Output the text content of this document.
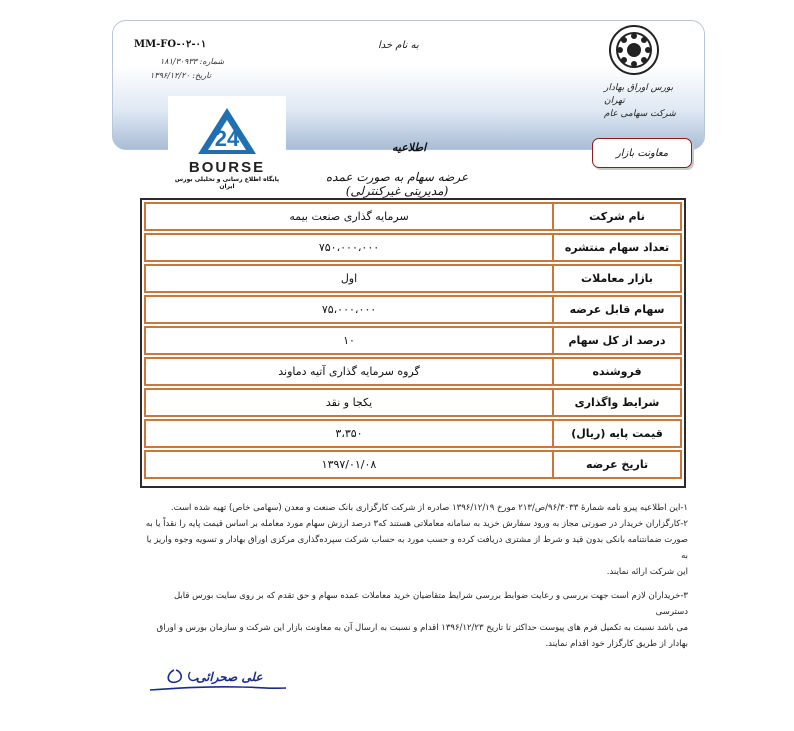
بورس اوراق بهادار تهران
شرکت سهامی عام
MM-FO-۰۲-۰۱
شماره: ۱۸۱/۳۰۹۳۳
تاریخ: ۱۳۹۶/۱۲/۲۰
به نام خدا
24
BOURSE
پایگاه اطلاع رسانی و تحلیلی بورس ایران
معاونت بازار
اطلاعیه
عرضه سهام به صورت عمده (مدیریتی غیرکنترلی)
سرمایه گذاری صنعت بیمه	نام شرکت
۷۵۰،۰۰۰،۰۰۰	تعداد سهام منتشره
اول	بازار معاملات
۷۵،۰۰۰،۰۰۰	سهام قابل عرضه
۱۰	درصد از کل سهام
گروه سرمایه گذاری آتیه دماوند	فروشنده
یکجا و نقد	شرایط واگذاری
۳،۳۵۰	قیمت پایه (ریال)
۱۳۹۷/۰۱/۰۸	تاریخ عرضه

۱-این اطلاعیه پیرو نامه شمارهٔ ۹۶/۳۰۳۳/ص/۲۱۳ مورخ ۱۳۹۶/۱۲/۱۹ صادره از شرکت کارگزاری بانک صنعت و معدن (سهامی خاص) تهیه شده است.

۲-کارگزاران خریدار در صورتی مجاز به ورود سفارش خرید به سامانه معاملاتی هستند که۳ درصد ارزش سهام مورد معامله بر اساس قیمت پایه را نقداً یا به

صورت ضمانتنامه بانکی بدون قید و شرط از مشتری دریافت کرده و حسب مورد به حساب شرکت سپرده‌گذاری مرکزی اوراق بهادار و تسویه وجوه واریز یا به

این شرکت ارائه نمایند.

۳-خریداران لازم است جهت بررسی و رعایت ضوابط بررسی شرایط متقاضیان خرید معاملات عمده سهام و حق تقدم که بر روی سایت بورس قابل دسترسی

می باشد نسبت به تکمیل فرم های پیوست حداکثر تا تاریخ ۱۳۹۶/۱۲/۲۳ اقدام و نسبت به ارسال آن به معاونت بازار این شرکت و سازمان بورس و اوراق

بهادار از طریق کارگزار خود اقدام نمایند.

علی صحرائی
